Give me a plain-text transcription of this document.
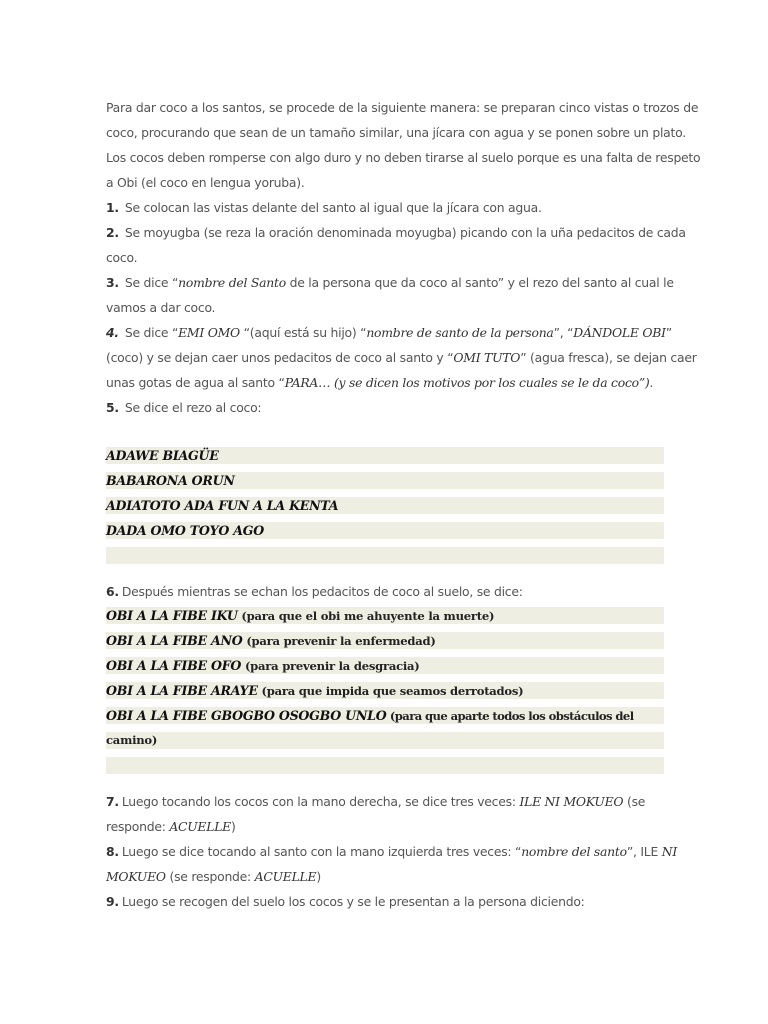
Para dar coco a los santos, se procede de la siguiente manera: se preparan cinco vistas o trozos de
coco, procurando que sean de un tamaño similar, una jícara con agua y se ponen sobre un plato.
Los cocos deben romperse con algo duro y no deben tirarse al suelo porque es una falta de respeto
a Obi (el coco en lengua yoruba).
1. Se colocan las vistas delante del santo al igual que la jícara con agua.
2. Se moyugba (se reza la oración denominada moyugba) picando con la uña pedacitos de cada
coco.
3. Se dice “nombre del Santo de la persona que da coco al santo” y el rezo del santo al cual le
vamos a dar coco.
4. Se dice “EMI OMO “(aquí está su hijo) “nombre de santo de la persona”, “DÁNDOLE OBI”
(coco) y se dejan caer unos pedacitos de coco al santo y “OMI TUTO” (agua fresca), se dejan caer
unas gotas de agua al santo “PARA… (y se dicen los motivos por los cuales se le da coco”).
5. Se dice el rezo al coco:
ADAWE BIAGÜE
BABARONA ORUN
ADIATOTO ADA FUN A LA KENTA
DADA OMO TOYO AGO
6. Después mientras se echan los pedacitos de coco al suelo, se dice:
OBI A LA FIBE IKU (para que el obi me ahuyente la muerte)
OBI A LA FIBE ANO (para prevenir la enfermedad)
OBI A LA FIBE OFO (para prevenir la desgracia)
OBI A LA FIBE ARAYE (para que impida que seamos derrotados)
OBI A LA FIBE GBOGBO OSOGBO UNLO (para que aparte todos los obstáculos del
camino)
7. Luego tocando los cocos con la mano derecha, se dice tres veces: ILE NI MOKUEO (se
responde: ACUELLE)
8. Luego se dice tocando al santo con la mano izquierda tres veces: “nombre del santo”, ILE NI
MOKUEO (se responde: ACUELLE)
9. Luego se recogen del suelo los cocos y se le presentan a la persona diciendo:
